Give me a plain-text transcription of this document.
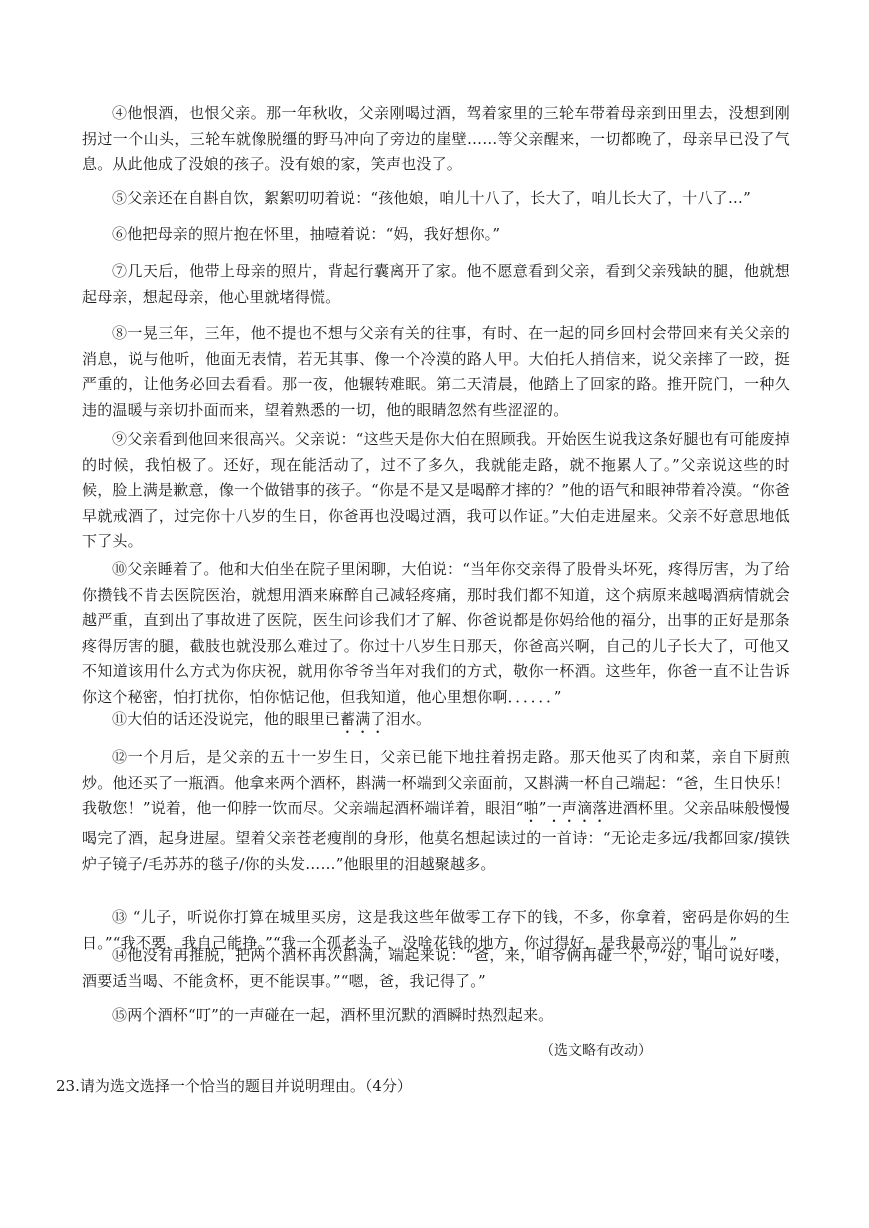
④他恨酒，也恨父亲。那一年秋收，父亲刚喝过酒，驾着家里的三轮车带着母亲到田里去，没想到刚拐过一个山头，三轮车就像脱缰的野马冲向了旁边的崖壁……等父亲醒来，一切都晚了，母亲早已没了气息。从此他成了没娘的孩子。没有娘的家，笑声也没了。

⑤父亲还在自斟自饮，絮絮叨叨着说：“孩他娘，咱儿十八了，长大了，咱儿长大了，十八了…”

⑥他把母亲的照片抱在怀里，抽噎着说：“妈，我好想你。”

⑦几天后，他带上母亲的照片，背起行囊离开了家。他不愿意看到父亲，看到父亲残缺的腿，他就想起母亲，想起母亲，他心里就堵得慌。

⑧一晃三年，三年，他不提也不想与父亲有关的往事，有时、在一起的同乡回村会带回来有关父亲的消息，说与他听，他面无表情，若无其事、像一个冷漠的路人甲。大伯托人捎信来，说父亲摔了一跤，挺严重的，让他务必回去看看。那一夜，他辗转难眠。第二天清晨，他踏上了回家的路。推开院门，一种久违的温暖与亲切扑面而来，望着熟悉的一切，他的眼睛忽然有些涩涩的。

⑨父亲看到他回来很高兴。父亲说：“这些天是你大伯在照顾我。开始医生说我这条好腿也有可能废掉的时候，我怕极了。还好，现在能活动了，过不了多久，我就能走路，就不拖累人了。”父亲说这些的时候，脸上满是歉意，像一个做错事的孩子。“你是不是又是喝醉才摔的？”他的语气和眼神带着冷漠。“你爸早就戒酒了，过完你十八岁的生日，你爸再也没喝过酒，我可以作证。”大伯走进屋来。父亲不好意思地低下了头。

⑩父亲睡着了。他和大伯坐在院子里闲聊，大伯说：“当年你交亲得了股骨头坏死，疼得厉害，为了给你攒钱不肯去医院医治，就想用酒来麻醉自己减轻疼痛，那时我们都不知道，这个病原来越喝酒病情就会越严重，直到出了事故进了医院，医生问诊我们才了解、你爸说都是你妈给他的福分，出事的正好是那条疼得厉害的腿，截肢也就没那么难过了。你过十八岁生日那天，你爸高兴啊，自己的儿子长大了，可他又不知道该用什么方式为你庆祝，就用你爷爷当年对我们的方式，敬你一杯酒。这些年，你爸一直不让告诉你这个秘密，怕打扰你，怕你惦记他，但我知道，他心里想你啊．．．．．．”

⑪大伯的话还没说完，他的眼里已蓄满了泪水。

⑫一个月后，是父亲的五十一岁生日，父亲已能下地拄着拐走路。那天他买了肉和菜，亲自下厨煎炒。他还买了一瓶酒。他拿来两个酒杯，斟满一杯端到父亲面前，又斟满一杯自己端起：“爸，生日快乐！我敬您！”说着，他一仰脖一饮而尽。父亲端起酒杯端详着，眼泪“啪”一声滴落进酒杯里。父亲品味般慢慢喝完了酒，起身进屋。望着父亲苍老瘦削的身形，他莫名想起读过的一首诗：“无论走多远/我都回家/摸铁炉子镜子/毛苏苏的毯子/你的头发……”他眼里的泪越聚越多。

⑬ “儿子，听说你打算在城里买房，这是我这些年做零工存下的钱，不多，你拿着，密码是你妈的生日。”“我不要，我自己能挣。”“我一个孤老头子，没啥花钱的地方，你过得好，是我最高兴的事儿。”

⑭他没有再推脱，把两个酒杯再次斟满，端起来说：“爸，来，咱爷俩再碰一个，”“好，咱可说好喽，酒要适当喝、不能贪杯，更不能误事。”“嗯，爸，我记得了。”

⑮两个酒杯“叮”的一声碰在一起，酒杯里沉默的酒瞬时热烈起来。

（选文略有改动）

23.请为选文选择一个恰当的题目并说明理由。（4分）
